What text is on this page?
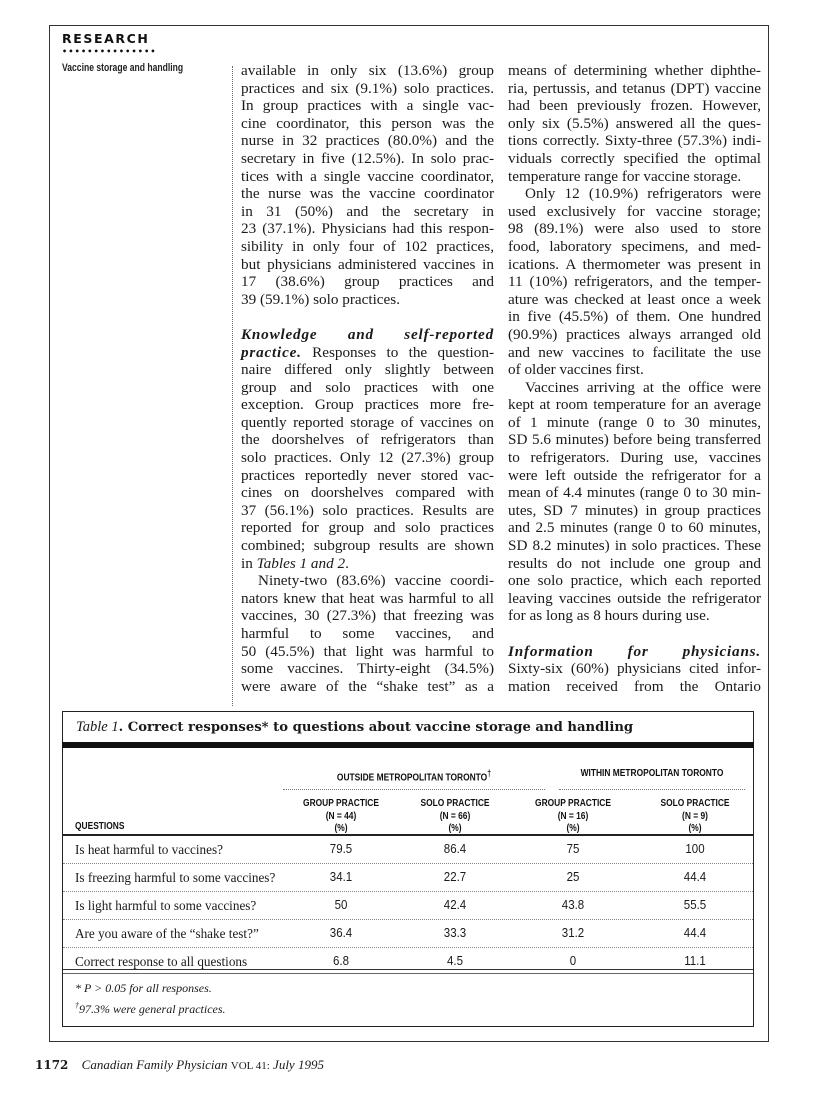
RESEARCH
•••••••••••••••
Vaccine storage and handling	available in only six (13.6%) group
practices and six (9.1%) solo practices.
In group practices with a single vac-
cine coordinator, this person was the
nurse in 32 practices (80.0%) and the
secretary in five (12.5%). In solo prac-
tices with a single vaccine coordinator,
the nurse was the vaccine coordinator
in 31 (50%) and the secretary in
23 (37.1%). Physicians had this respon-
sibility in only four of 102 practices,
but physicians administered vaccines in
17 (38.6%) group practices and
39 (59.1%) solo practices.

Knowledge and self-reported
practice. Responses to the question-
naire differed only slightly between
group and solo practices with one
exception. Group practices more fre-
quently reported storage of vaccines on
the doorshelves of refrigerators than
solo practices. Only 12 (27.3%) group
practices reportedly never stored vac-
cines on doorshelves compared with
37 (56.1%) solo practices. Results are
reported for group and solo practices
combined; subgroup results are shown
in Tables 1 and 2.

Ninety-two (83.6%) vaccine coordi-
nators knew that heat was harmful to all
vaccines, 30 (27.3%) that freezing was
harmful to some vaccines, and
50 (45.5%) that light was harmful to
some vaccines. Thirty-eight (34.5%)
were aware of the “shake test” as a

means of determining whether diphthe-
ria, pertussis, and tetanus (DPT) vaccine
had been previously frozen. However,
only six (5.5%) answered all the ques-
tions correctly. Sixty-three (57.3%) indi-
viduals correctly specified the optimal
temperature range for vaccine storage.

Only 12 (10.9%) refrigerators were
used exclusively for vaccine storage;
98 (89.1%) were also used to store
food, laboratory specimens, and med-
ications. A thermometer was present in
11 (10%) refrigerators, and the temper-
ature was checked at least once a week
in five (45.5%) of them. One hundred
(90.9%) practices always arranged old
and new vaccines to facilitate the use
of older vaccines first.

Vaccines arriving at the office were
kept at room temperature for an average
of 1 minute (range 0 to 30 minutes,
SD 5.6 minutes) before being transferred
to refrigerators. During use, vaccines
were left outside the refrigerator for a
mean of 4.4 minutes (range 0 to 30 min-
utes, SD 7 minutes) in group practices
and 2.5 minutes (range 0 to 60 minutes,
SD 8.2 minutes) in solo practices. These
results do not include one group and
one solo practice, which each reported
leaving vaccines outside the refrigerator
for as long as 8 hours during use.

Information for physicians.
Sixty-six (60%) physicians cited infor-
mation received from the Ontario

Table 1. Correct responses* to questions about vaccine storage and handling
OUTSIDE METROPOLITAN TORONTO†	WITHIN METROPOLITAN TORONTO
GROUP PRACTICE
(N = 44)
(%)
SOLO PRACTICE
(N = 66)
(%)
GROUP PRACTICE
(N = 16)
(%)
SOLO PRACTICE
(N = 9)
(%)
QUESTIONS
Is heat harmful to vaccines?	79.5	86.4	75	100
Is freezing harmful to some vaccines?	34.1	22.7	25	44.4
Is light harmful to some vaccines?	50	42.4	43.8	55.5
Are you aware of the “shake test?”	36.4	33.3	31.2	44.4
Correct response to all questions	6.8	4.5	0	11.1
* P > 0.05 for all responses.
†97.3% were general practices.
1172 Canadian Family Physician VOL 41: July 1995
